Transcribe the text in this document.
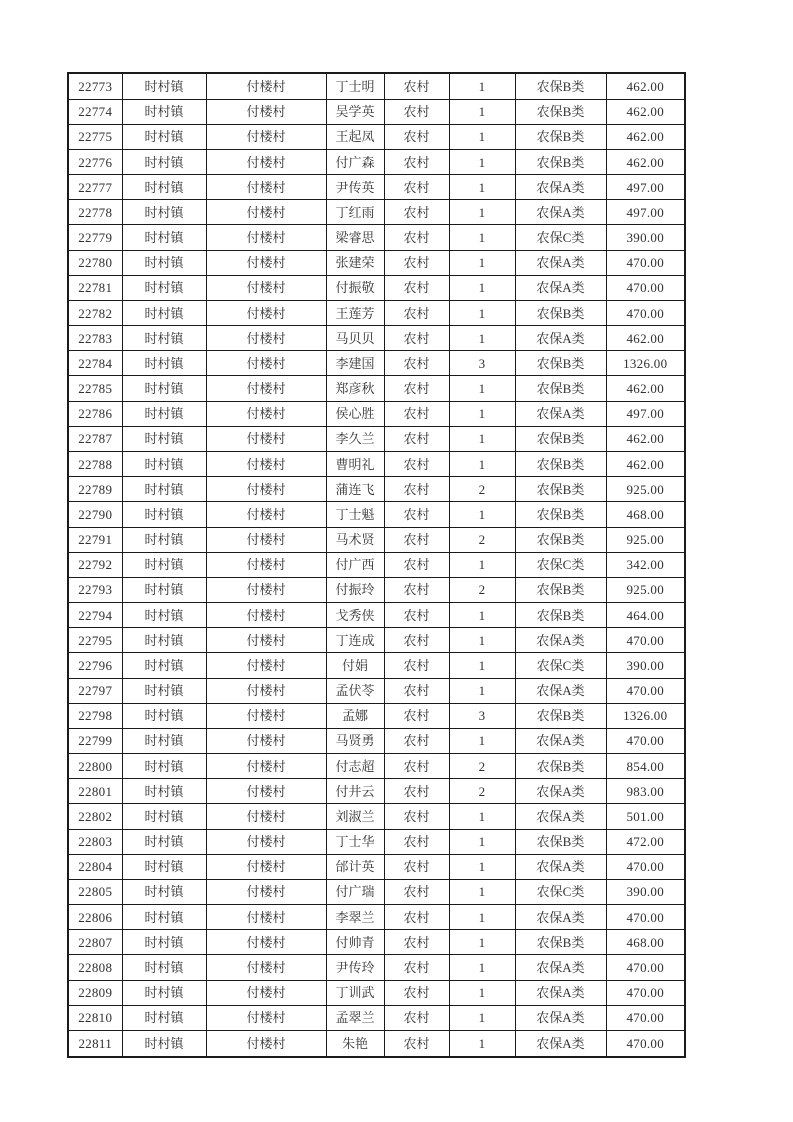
22773	时村镇	付楼村	丁士明	农村	1	农保B类	462.00
22774	时村镇	付楼村	吴学英	农村	1	农保B类	462.00
22775	时村镇	付楼村	王起凤	农村	1	农保B类	462.00
22776	时村镇	付楼村	付广森	农村	1	农保B类	462.00
22777	时村镇	付楼村	尹传英	农村	1	农保A类	497.00
22778	时村镇	付楼村	丁红雨	农村	1	农保A类	497.00
22779	时村镇	付楼村	梁睿思	农村	1	农保C类	390.00
22780	时村镇	付楼村	张建荣	农村	1	农保A类	470.00
22781	时村镇	付楼村	付振敬	农村	1	农保A类	470.00
22782	时村镇	付楼村	王莲芳	农村	1	农保B类	470.00
22783	时村镇	付楼村	马贝贝	农村	1	农保A类	462.00
22784	时村镇	付楼村	李建国	农村	3	农保B类	1326.00
22785	时村镇	付楼村	郑彦秋	农村	1	农保B类	462.00
22786	时村镇	付楼村	侯心胜	农村	1	农保A类	497.00
22787	时村镇	付楼村	李久兰	农村	1	农保B类	462.00
22788	时村镇	付楼村	曹明礼	农村	1	农保B类	462.00
22789	时村镇	付楼村	蒲连飞	农村	2	农保B类	925.00
22790	时村镇	付楼村	丁士魁	农村	1	农保B类	468.00
22791	时村镇	付楼村	马术贤	农村	2	农保B类	925.00
22792	时村镇	付楼村	付广西	农村	1	农保C类	342.00
22793	时村镇	付楼村	付振玲	农村	2	农保B类	925.00
22794	时村镇	付楼村	戈秀侠	农村	1	农保B类	464.00
22795	时村镇	付楼村	丁连成	农村	1	农保A类	470.00
22796	时村镇	付楼村	付娟	农村	1	农保C类	390.00
22797	时村镇	付楼村	孟伏苓	农村	1	农保A类	470.00
22798	时村镇	付楼村	孟娜	农村	3	农保B类	1326.00
22799	时村镇	付楼村	马贤勇	农村	1	农保A类	470.00
22800	时村镇	付楼村	付志超	农村	2	农保B类	854.00
22801	时村镇	付楼村	付井云	农村	2	农保A类	983.00
22802	时村镇	付楼村	刘淑兰	农村	1	农保A类	501.00
22803	时村镇	付楼村	丁士华	农村	1	农保B类	472.00
22804	时村镇	付楼村	邰计英	农村	1	农保A类	470.00
22805	时村镇	付楼村	付广瑞	农村	1	农保C类	390.00
22806	时村镇	付楼村	李翠兰	农村	1	农保A类	470.00
22807	时村镇	付楼村	付帅青	农村	1	农保B类	468.00
22808	时村镇	付楼村	尹传玲	农村	1	农保A类	470.00
22809	时村镇	付楼村	丁训武	农村	1	农保A类	470.00
22810	时村镇	付楼村	孟翠兰	农村	1	农保A类	470.00
22811	时村镇	付楼村	朱艳	农村	1	农保A类	470.00
